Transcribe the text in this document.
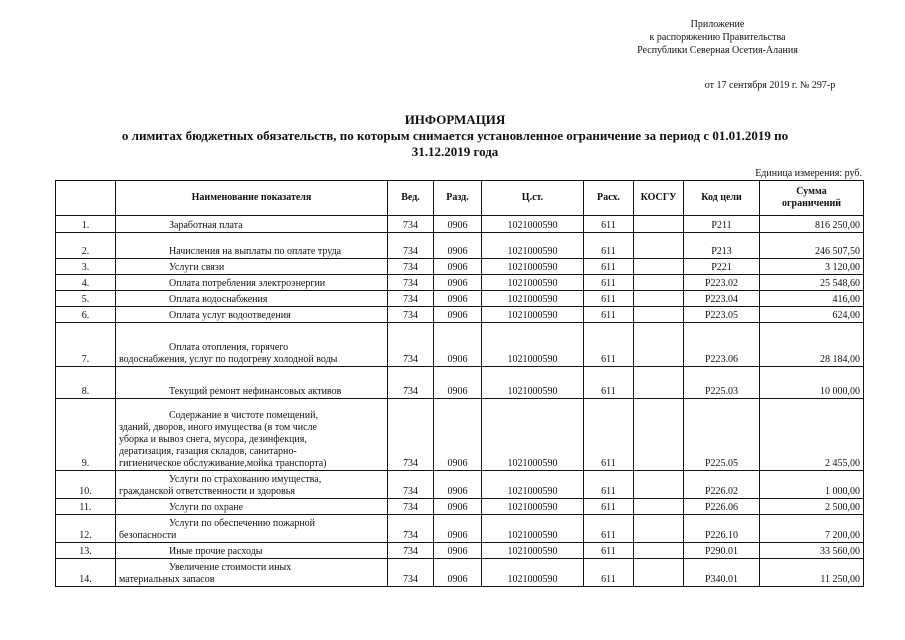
Приложение
к распоряжению Правительства
Республики Северная Осетия-Алания
от 17 сентября 2019 г. № 297-р
ИНФОРМАЦИЯ
о лимитах бюджетных обязательств, по которым снимается установленное ограничение за период с 01.01.2019 по
31.12.2019 года
Единица измерения: руб.
	Наименование показателя	Вед.	Разд.	Ц.ст.	Расх.	КОСГУ	Код цели	Сумма
ограничений

1.	Заработная плата	734	0906	1021000590	611		Р211	816 250,00
2.	Начисления на выплаты по оплате труда	734	0906	1021000590	611		Р213	246 507,50
3.	Услуги связи	734	0906	1021000590	611		Р221	3 120,00
4.	Оплата потребления электроэнергии	734	0906	1021000590	611		Р223.02	25 548,60
5.	Оплата водоснабжения	734	0906	1021000590	611		Р223.04	416,00
6.	Оплата услуг водоотведения	734	0906	1021000590	611		Р223.05	624,00
7.	Оплата отопления, горячего
водоснабжения, услуг по подогреву холодной воды	734	0906	1021000590	611		Р223.06	28 184,00
8.	Текущий ремонт нефинансовых активов	734	0906	1021000590	611		Р225.03	10 000,00
9.	Содержание в чистоте помещений,
зданий, дворов, иного имущества (в том числе
уборка и вывоз снега, мусора, дезинфекция,
дератизация, газация складов, санитарно-
гигиеническое обслуживание,мойка транспорта)	734	0906	1021000590	611		Р225.05	2 455,00
10.	Услуги по страхованию имущества,
гражданской ответственности и здоровья	734	0906	1021000590	611		Р226.02	1 000,00
11.	Услуги по охране	734	0906	1021000590	611		Р226.06	2 500,00
12.	Услуги по обеспечению пожарной
безопасности	734	0906	1021000590	611		Р226.10	7 200,00
13.	Иные прочие расходы	734	0906	1021000590	611		Р290.01	33 560,00
14.	Увеличение стоимости иных
материальных запасов	734	0906	1021000590	611		Р340.01	11 250,00
